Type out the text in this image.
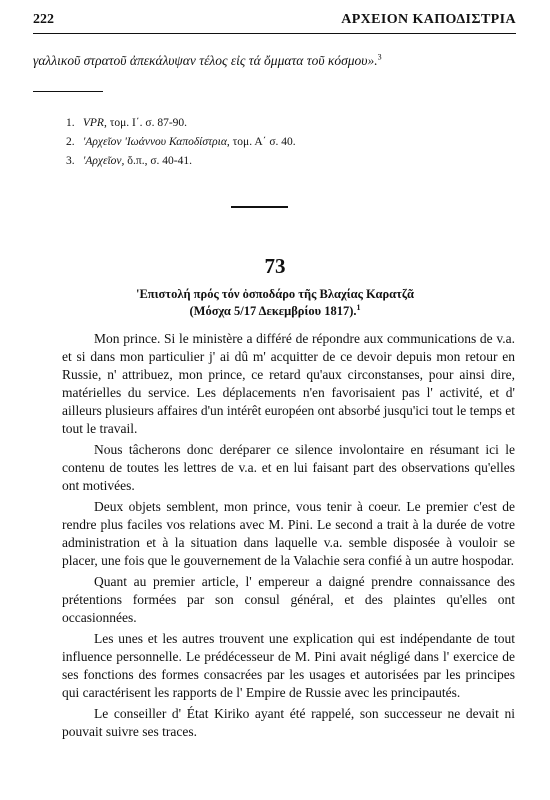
222	ΑΡΧΕΙΟΝ ΚΑΠΟΔΙΣΤΡΙΑ
γαλλικοῦ στρατοῦ ἀπεκάλυψαν τέλος εἰς τά ὄμματα τοῦ κόσμου».$^3$
1. VPR, τομ. Ι΄. σ. 87-90.
2. 'Αρχεῖον 'Ιωάννου Καποδίστρια, τομ. Α΄ σ. 40.
3. 'Αρχεῖον, ὅ.π., σ. 40-41.
73
'Επιστολή πρός τόν ὀσποδάρο τῆς Βλαχίας Καρατζᾶ
(Μόσχα 5/17 Δεκεμβρίου 1817).$^1$

Mon prince. Si le ministère a différé de répondre aux communications de v.a. et si dans mon particulier j' ai dû m' acquitter de ce devoir depuis mon retour en Russie, n' attribuez, mon prince, ce retard qu'aux circonstanses, pour ainsi dire, matérielles du service. Les déplacements n'en favorisaient pas l' activité, et d' ailleurs plusieurs affaires d'un intérêt européen ont absorbé jusqu'ici tout le temps et tout le travail.

Nous tâcherons donc deréparer ce silence involontaire en résumant ici le contenu de toutes les lettres de v.a. et en lui faisant part des observations qu'elles ont motivées.

Deux objets semblent, mon prince, vous tenir à coeur. Le premier c'est de rendre plus faciles vos relations avec M. Pini. Le second a trait à la durée de votre administration et à la situation dans laquelle v.a. semble disposée à vouloir se placer, une fois que le gouvernement de la Valachie sera confié à un autre hospodar.

Quant au premier article, l' empereur a daigné prendre connaissance des prétentions formées par son consul général, et des plaintes qu'elles ont occasionnées.

Les unes et les autres trouvent une explication qui est indépendante de tout influence personnelle. Le prédécesseur de M. Pini avait négligé dans l' exercice de ses fonctions des formes consacrées par les usages et autorisées par les principes qui caractérisent les rapports de l' Empire de Russie avec les principautés.

Le conseiller d' État Kiriko ayant été rappelé, son successeur ne devait ni pouvait suivre ses traces.
